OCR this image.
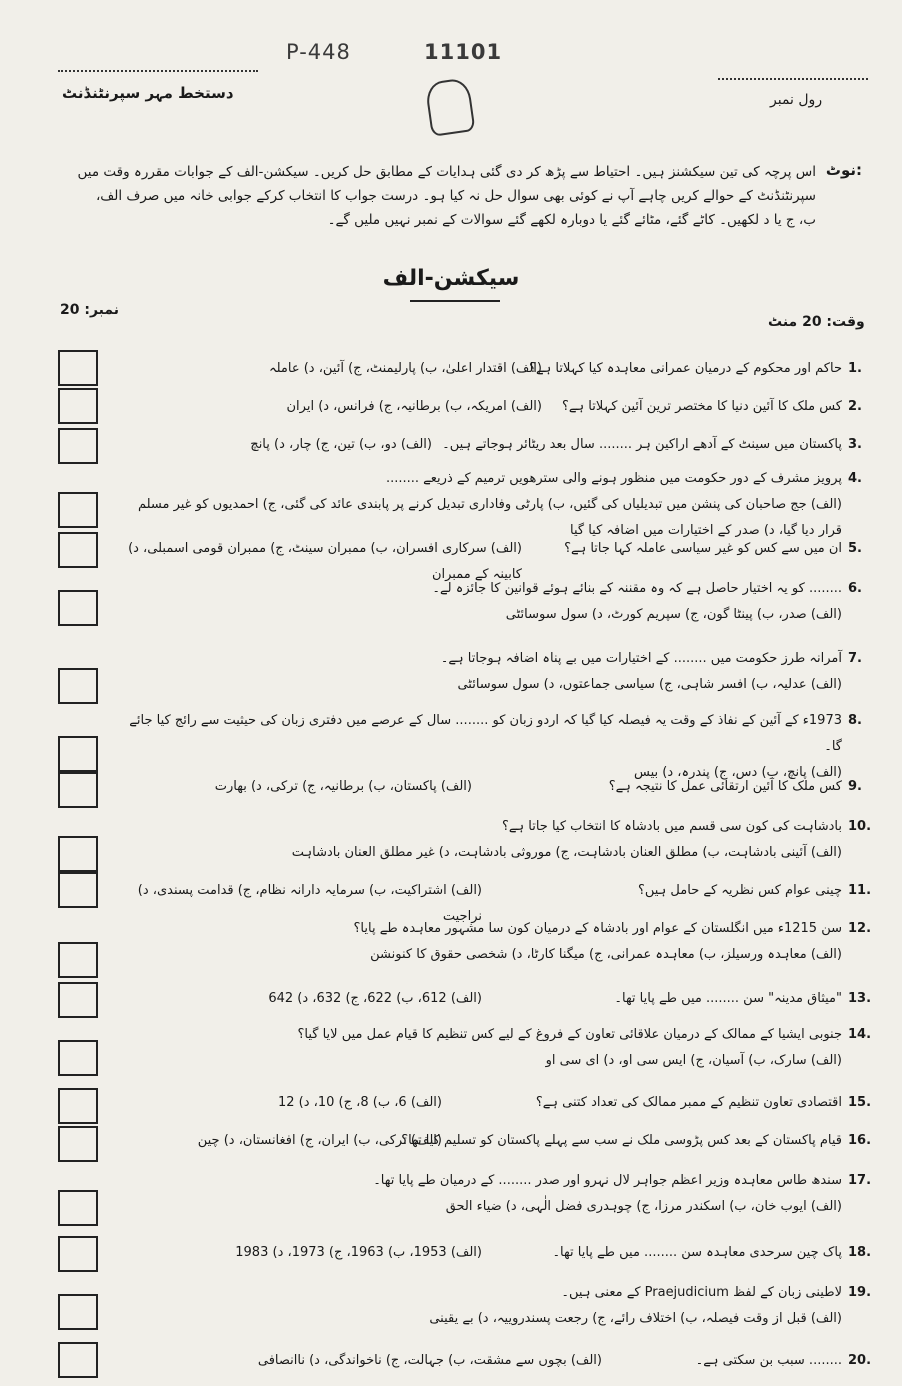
P-448	11101
دستخط مہر سپرنٹنڈنٹ	رول نمبر
نوٹ:
اس پرچہ کی تین سیکشنز ہیں۔ احتیاط سے پڑھ کر دی گئی ہدایات کے مطابق حل کریں۔ سیکشن-الف کے جوابات مقررہ وقت میں سپرنٹنڈنٹ کے حوالے کریں چاہے آپ نے کوئی بھی سوال حل نہ کیا ہو۔ درست جواب کا انتخاب کرکے جوابی خانہ میں صرف الف، ب، ج یا د لکھیں۔ کاٹے گئے، مٹائے گئے یا دوبارہ لکھے گئے سوالات کے نمبر نہیں ملیں گے۔
سیکشن-الف
وقت: 20 منٹ
نمبر: 20
1.
حاکم اور محکوم کے درمیان عمرانی معاہدہ کیا کہلاتا ہے؟
(الف) اقتدار اعلیٰ، ب) پارلیمنٹ، ج) آئین، د) عاملہ
2.
کس ملک کا آئین دنیا کا مختصر ترین آئین کہلاتا ہے؟
(الف) امریکہ، ب) برطانیہ، ج) فرانس، د) ایران
3.
پاکستان میں سینٹ کے آدھے اراکین ہر ........ سال بعد ریٹائر ہوجاتے ہیں۔
(الف) دو، ب) تین، ج) چار، د) پانچ
4.
پرویز مشرف کے دور حکومت میں منظور ہونے والی سترھویں ترمیم کے ذریعے ........
(الف) جج صاحبان کی پنشن میں تبدیلیاں کی گئیں، ب) پارٹی وفاداری تبدیل کرنے پر پابندی عائد کی گئی، ج) احمدیوں کو غیر مسلم قرار دیا گیا، د) صدر کے اختیارات میں اضافہ کیا گیا
5.
ان میں سے کس کو غیر سیاسی عاملہ کہا جاتا ہے؟
(الف) سرکاری افسران، ب) ممبران سینٹ، ج) ممبران قومی اسمبلی، د) کابینہ کے ممبران
6.
........ کو یہ اختیار حاصل ہے کہ وہ مقننہ کے بنائے ہوئے قوانین کا جائزہ لے۔
(الف) صدر، ب) پینٹا گون، ج) سپریم کورٹ، د) سول سوسائٹی
7.
آمرانہ طرز حکومت میں ........ کے اختیارات میں بے پناہ اضافہ ہوجاتا ہے۔
(الف) عدلیہ، ب) افسر شاہی، ج) سیاسی جماعتوں، د) سول سوسائٹی
8.
1973ء کے آئین کے نفاذ کے وقت یہ فیصلہ کیا گیا کہ اردو زبان کو ........ سال کے عرصے میں دفتری زبان کی حیثیت سے رائج کیا جائے گا۔
(الف) پانچ، ب) دس، ج) پندرہ، د) بیس
9.
کس ملک کا آئین ارتقائی عمل کا نتیجہ ہے؟
(الف) پاکستان، ب) برطانیہ، ج) ترکی، د) بھارت
10.
بادشاہت کی کون سی قسم میں بادشاہ کا انتخاب کیا جاتا ہے؟
(الف) آئینی بادشاہت، ب) مطلق العنان بادشاہت، ج) موروثی بادشاہت، د) غیر مطلق العنان بادشاہت
11.
چینی عوام کس نظریہ کے حامل ہیں؟
(الف) اشتراکیت، ب) سرمایہ دارانہ نظام، ج) قدامت پسندی، د) نراجیت
12.
سن 1215ء میں انگلستان کے عوام اور بادشاہ کے درمیان کون سا مشہور معاہدہ طے پایا؟
(الف) معاہدہ ورسیلز، ب) معاہدہ عمرانی، ج) میگنا کارٹا، د) شخصی حقوق کا کنونشن
13.
"میثاق مدینہ" سن ........ میں طے پایا تھا۔
(الف) 612، ب) 622، ج) 632، د) 642
14.
جنوبی ایشیا کے ممالک کے درمیان علاقائی تعاون کے فروغ کے لیے کس تنظیم کا قیام عمل میں لایا گیا؟
(الف) سارک، ب) آسیان، ج) ایس سی او، د) ای سی او
15.
اقتصادی تعاون تنظیم کے ممبر ممالک کی تعداد کتنی ہے؟
(الف) 6، ب) 8، ج) 10، د) 12
16.
قیام پاکستان کے بعد کس پڑوسی ملک نے سب سے پہلے پاکستان کو تسلیم کیا تھا؟
(الف) ترکی، ب) ایران، ج) افغانستان، د) چین
17.
سندھ طاس معاہدہ وزیر اعظم جواہر لال نہرو اور صدر ........ کے درمیان طے پایا تھا۔
(الف) ایوب خان، ب) اسکندر مرزا، ج) چوہدری فضل الٰہی، د) ضیاء الحق
18.
پاک چین سرحدی معاہدہ سن ........ میں طے پایا تھا۔
(الف) 1953، ب) 1963، ج) 1973، د) 1983
19.
لاطینی زبان کے لفظ Praejudicium کے معنی ہیں۔
(الف) قبل از وقت فیصلہ، ب) اختلاف رائے، ج) رجعت پسندروییہ، د) بے یقینی
20.
........ سبب بن سکتی ہے۔
(الف) بچوں سے مشقت، ب) جہالت، ج) ناخواندگی، د) ناانصافی
